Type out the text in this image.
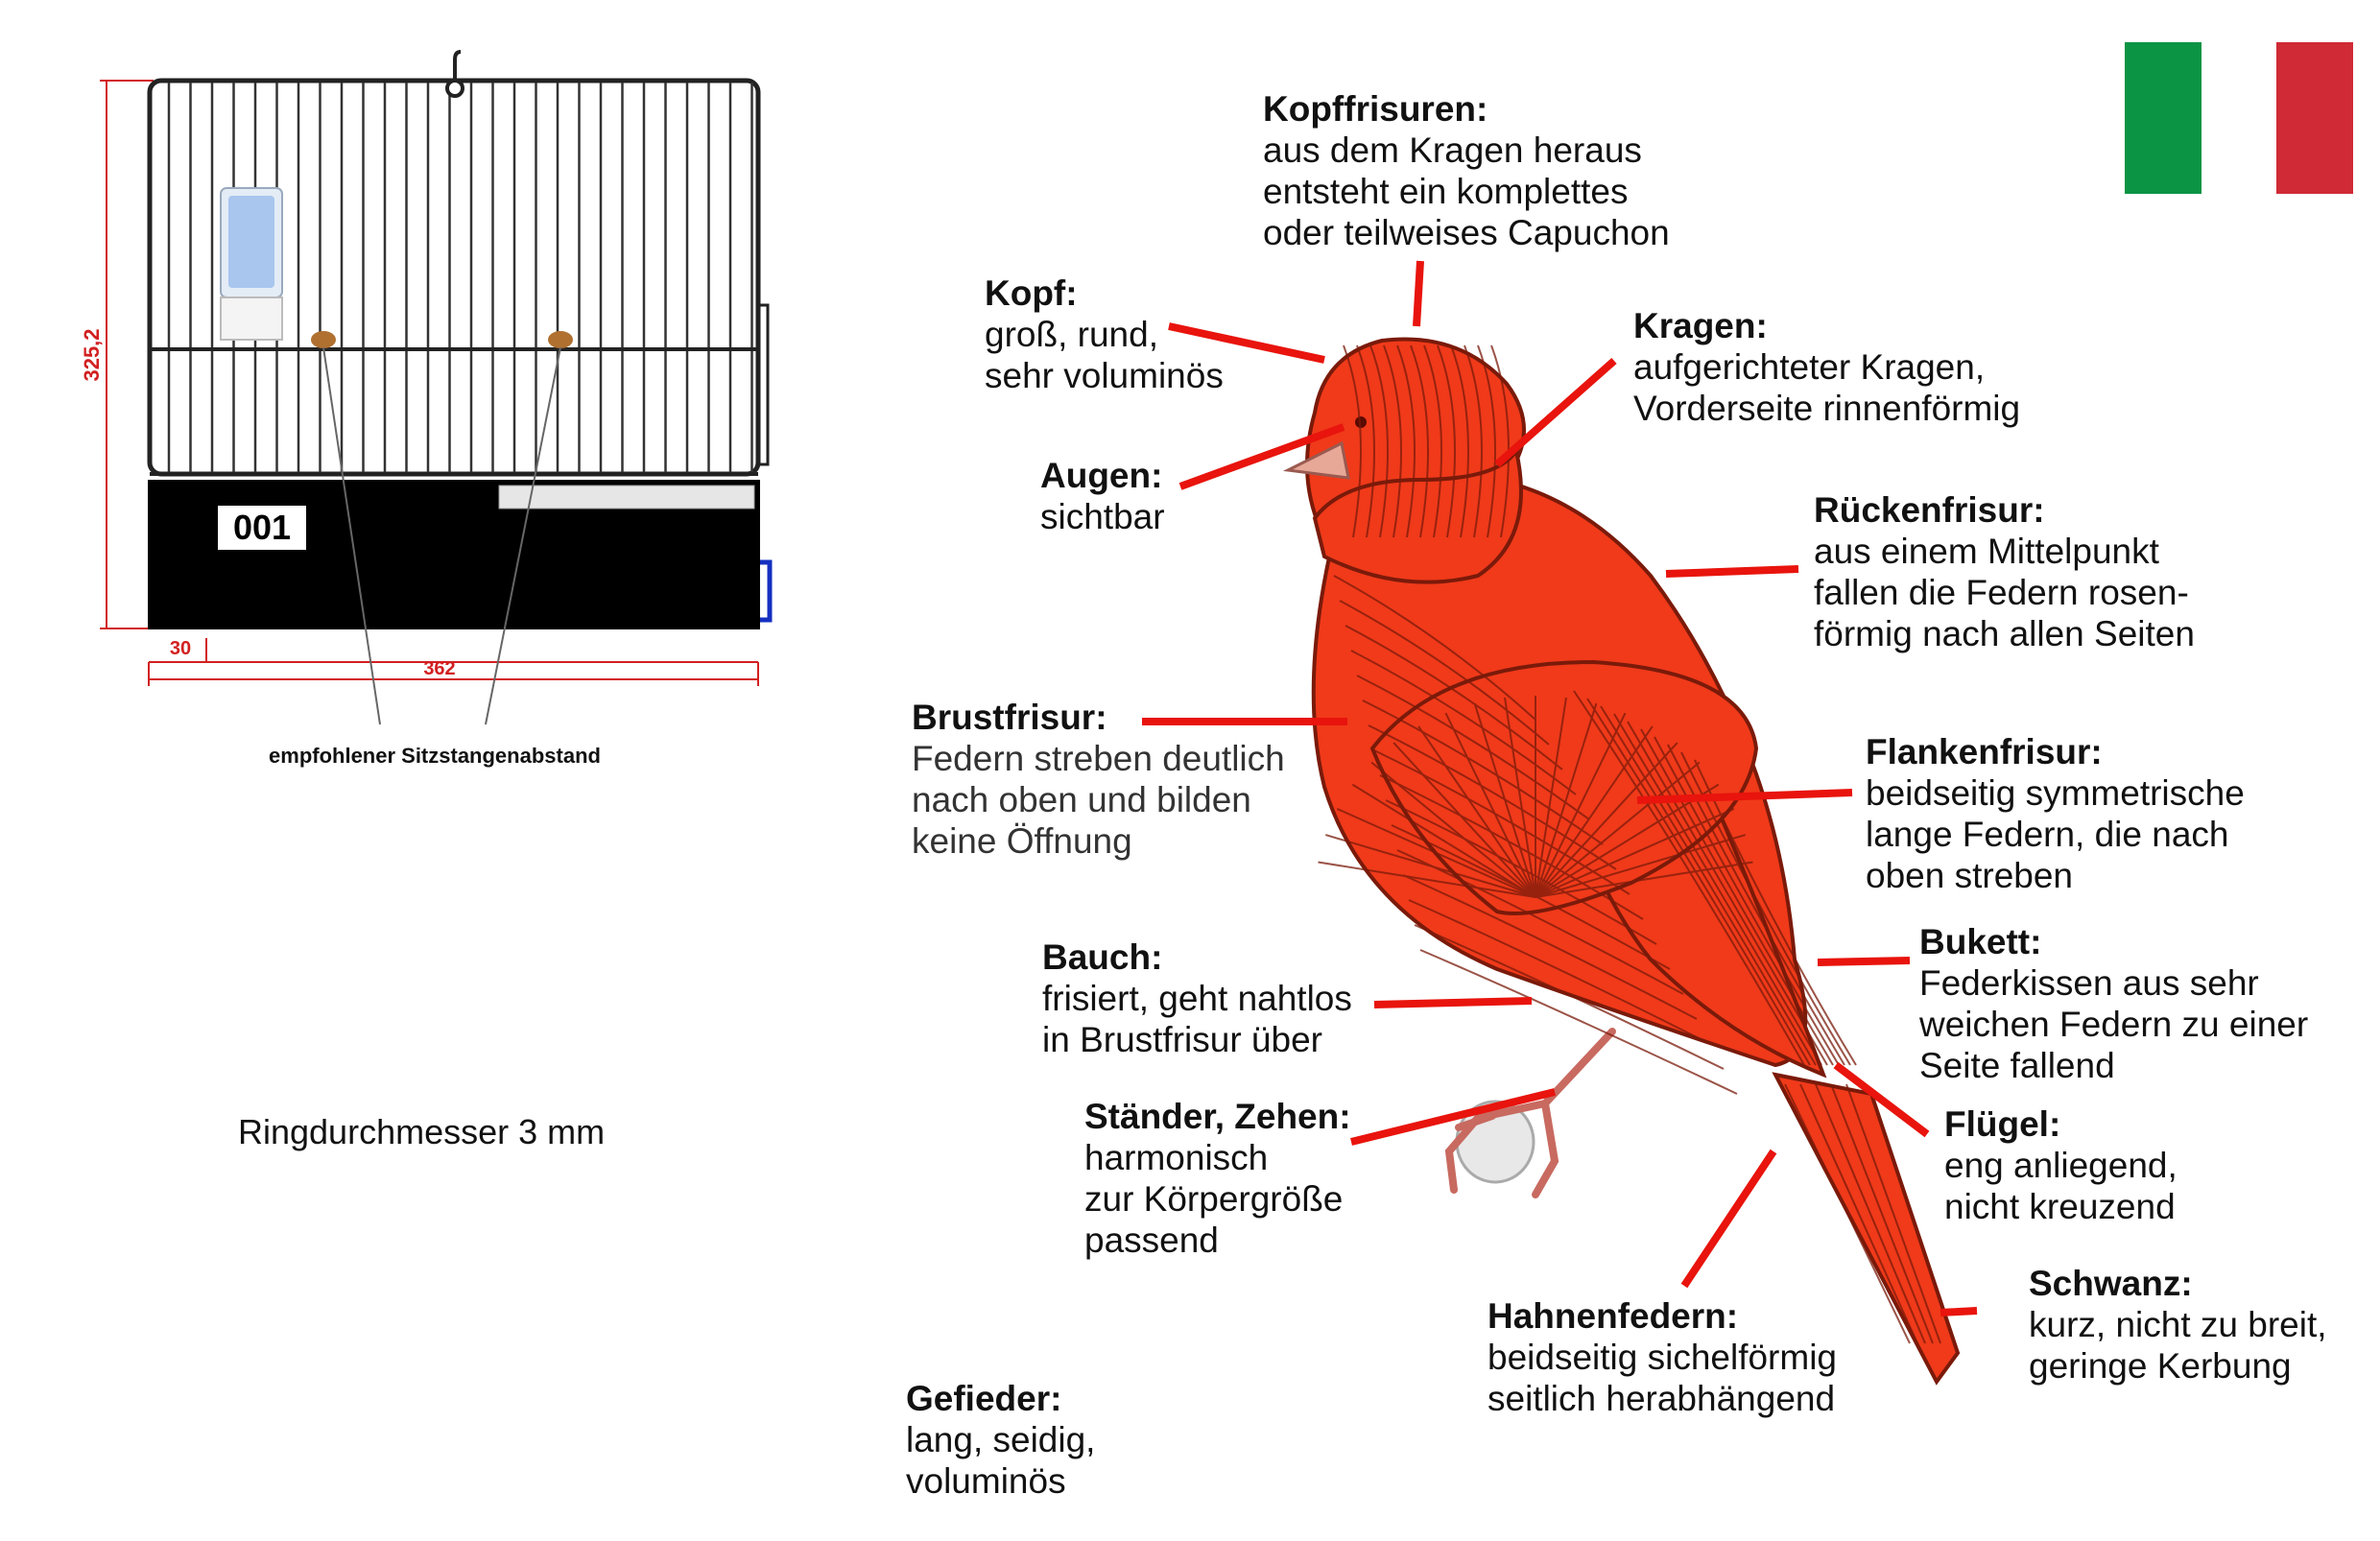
325,2
30
362
001
empfohlener Sitzstangenabstand
Kopffrisuren:
aus dem Kragen heraus
entsteht ein komplettes
oder teilweises Capuchon
Kopf:
groß, rund,
sehr voluminös
Kragen:
aufgerichteter Kragen,
Vorderseite rinnenförmig
Augen:
sichtbar	Rückenfrisur:
aus einem Mittelpunkt
fallen die Federn rosen-
förmig nach allen Seiten
Brustfrisur:
Federn streben deutlich
nach oben und bilden
keine Öffnung
Flankenfrisur:
beidseitig symmetrische
lange Federn, die nach
oben streben
Bauch:
frisiert, geht nahtlos
in Brustfrisur über
Bukett:
Federkissen aus sehr
weichen Federn zu einer
Seite fallend
Ständer, Zehen:
harmonisch
zur Körpergröße
passend
Flügel:
eng anliegend,
nicht kreuzend
Schwanz:
kurz, nicht zu breit,
geringe Kerbung
Hahnenfedern:
beidseitig sichelförmig
seitlich herabhängend
Gefieder:
lang, seidig,
voluminös
Ringdurchmesser 3 mm
